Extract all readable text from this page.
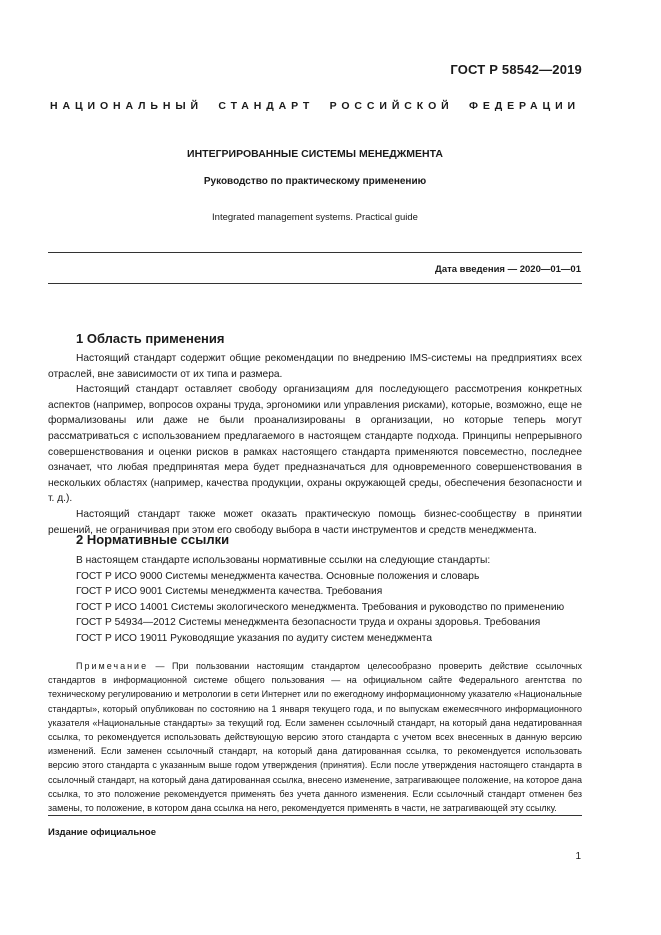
ГОСТ Р 58542—2019
НАЦИОНАЛЬНЫЙ СТАНДАРТ РОССИЙСКОЙ ФЕДЕРАЦИИ
ИНТЕГРИРОВАННЫЕ СИСТЕМЫ МЕНЕДЖМЕНТА
Руководство по практическому применению
Integrated management systems. Practical guide
Дата введения — 2020—01—01
1 Область применения

Настоящий стандарт содержит общие рекомендации по внедрению IMS-системы на предприятиях всех отраслей, вне зависимости от их типа и размера.

Настоящий стандарт оставляет свободу организациям для последующего рассмотрения конкретных аспектов (например, вопросов охраны труда, эргономики или управления рисками), которые, возможно, еще не формализованы или даже не были проанализированы в организации, но которые теперь могут рассматриваться с использованием предлагаемого в настоящем стандарте подхода. Принципы непрерывного совершенствования и оценки рисков в рамках настоящего стандарта применяются повсеместно, последнее означает, что любая предпринятая мера будет предназначаться для одновременного совершенствования в нескольких областях (например, качества продукции, охраны окружающей среды, обеспечения безопасности и т. д.).

Настоящий стандарт также может оказать практическую помощь бизнес-сообществу в принятии решений, не ограничивая при этом его свободу выбора в части инструментов и средств менеджмента.

2 Нормативные ссылки
В настоящем стандарте использованы нормативные ссылки на следующие стандарты:
ГОСТ Р ИСО 9000 Системы менеджмента качества. Основные положения и словарь
ГОСТ Р ИСО 9001 Системы менеджмента качества. Требования
ГОСТ Р ИСО 14001 Системы экологического менеджмента. Требования и руководство по применению
ГОСТ Р 54934—2012 Системы менеджмента безопасности труда и охраны здоровья. Требования
ГОСТ Р ИСО 19011 Руководящие указания по аудиту систем менеджмента
Примечание — При пользовании настоящим стандартом целесообразно проверить действие ссылочных стандартов в информационной системе общего пользования — на официальном сайте Федерального агентства по техническому регулированию и метрологии в сети Интернет или по ежегодному информационному указателю «Национальные стандарты», который опубликован по состоянию на 1 января текущего года, и по выпускам ежемесячного информационного указателя «Национальные стандарты» за текущий год. Если заменен ссылочный стандарт, на который дана недатированная ссылка, то рекомендуется использовать действующую версию этого стандарта с учетом всех внесенных в данную версию изменений. Если заменен ссылочный стандарт, на который дана датированная ссылка, то рекомендуется использовать версию этого стандарта с указанным выше годом утверждения (принятия). Если после утверждения настоящего стандарта в ссылочный стандарт, на который дана датированная ссылка, внесено изменение, затрагивающее положение, на которое дана ссылка, то это положение рекомендуется применять без учета данного изменения. Если ссылочный стандарт отменен без замены, то положение, в котором дана ссылка на него, рекомендуется применять в части, не затрагивающей эту ссылку.
Издание официальное
1
